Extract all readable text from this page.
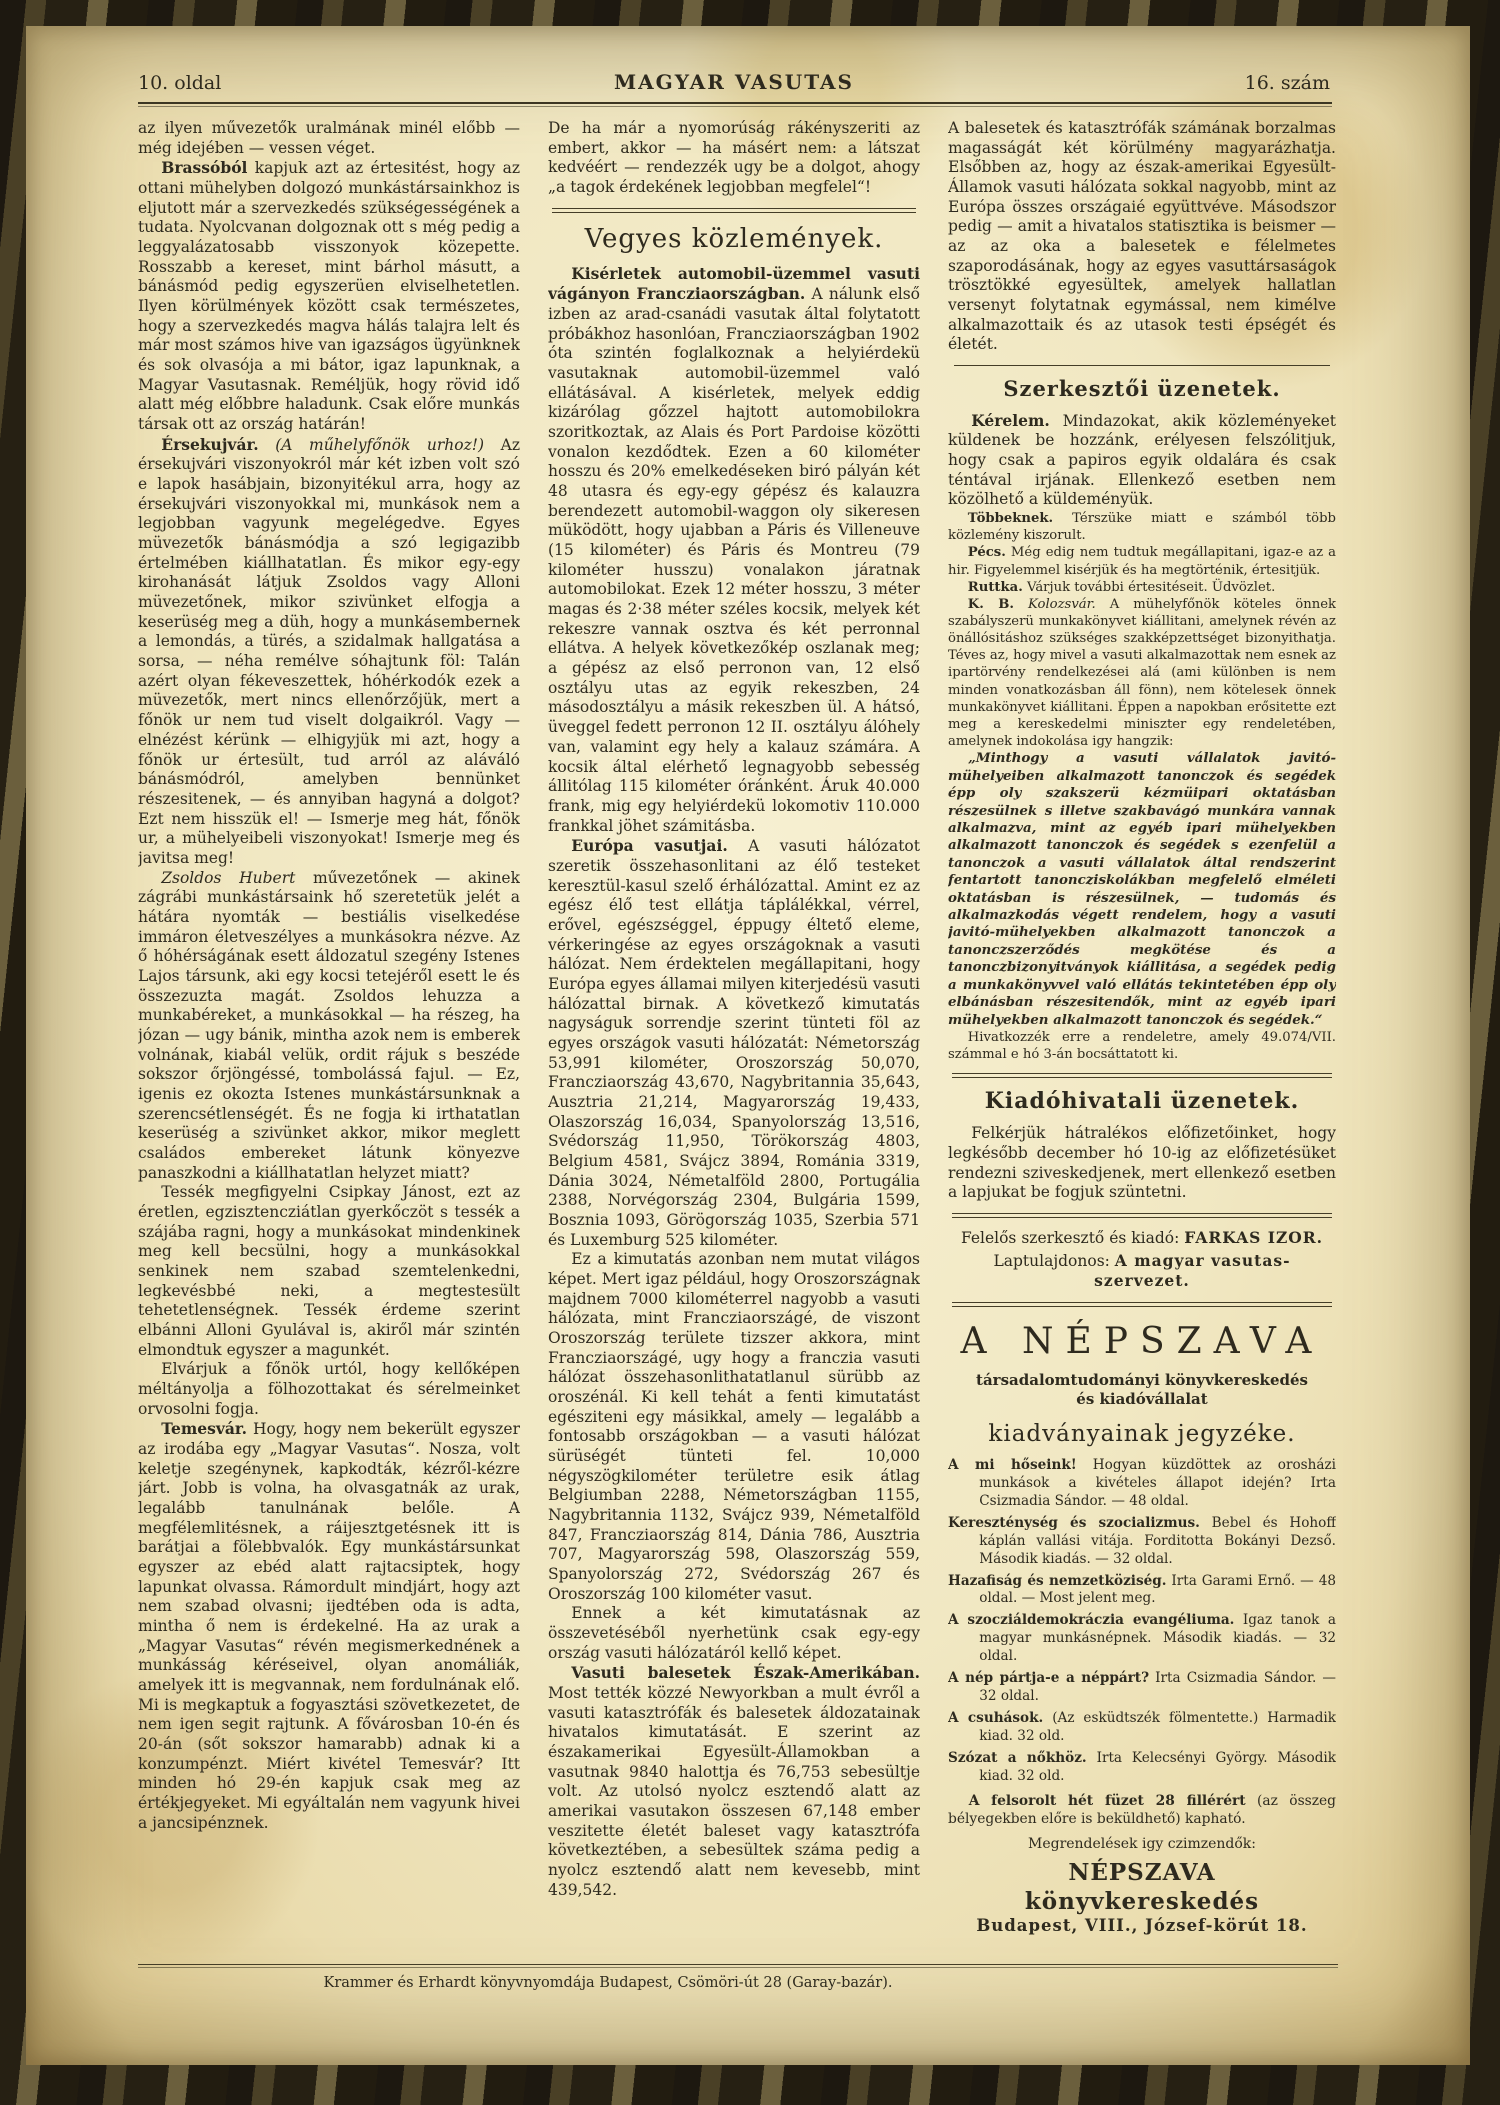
10. oldal	MAGYAR VASUTAS	16. szám

az ilyen művezetők uralmának minél előbb — még idejében — vessen véget.

Brassóból kapjuk azt az értesitést, hogy az ottani mühelyben dolgozó munkástársainkhoz is eljutott már a szervezkedés szükségességének a tudata. Nyolcvanan dolgoznak ott s még pedig a leggyalázatosabb visszonyok közepette. Rosszabb a kereset, mint bárhol másutt, a bánásmód pedig egyszerüen elviselhetetlen. Ilyen körülmények között csak természetes, hogy a szervezkedés magva hálás talajra lelt és már most számos hive van igazságos ügyünknek és sok olvasója a mi bátor, igaz lapunknak, a Magyar Vasutasnak. Reméljük, hogy rövid idő alatt még előbbre haladunk. Csak előre munkás társak ott az ország határán!

Érsekujvár. (A műhelyfőnök urhoz!) Az érsekujvári viszonyokról már két izben volt szó e lapok hasábjain, bizonyitékul arra, hogy az érsekujvári viszonyokkal mi, munkások nem a legjobban vagyunk megelégedve. Egyes müvezetők bánásmódja a szó legigazibb értelmében kiállhatatlan. És mikor egy-egy kirohanását látjuk Zsoldos vagy Alloni müvezetőnek, mikor szivünket elfogja a keserüség meg a düh, hogy a munkásembernek a lemondás, a türés, a szidalmak hallgatása a sorsa, — néha remélve sóhajtunk föl: Talán azért olyan fékeveszettek, hóhérkodók ezek a müvezetők, mert nincs ellenőrzőjük, mert a főnök ur nem tud viselt dolgaikról. Vagy — elnézést kérünk — elhigyjük mi azt, hogy a főnök ur értesült, tud arról az aláváló bánásmódról, amelyben bennünket részesitenek, — és annyiban hagyná a dolgot? Ezt nem hisszük el! — Ismerje meg hát, főnök ur, a mühelyeibeli viszonyokat! Ismerje meg és javitsa meg!

Zsoldos Hubert művezetőnek — akinek zágrábi munkástársaink hő szeretetük jelét a hátára nyomták — bestiális viselkedése immáron életveszélyes a munkásokra nézve. Az ő hóhérságának esett áldozatul szegény Istenes Lajos társunk, aki egy kocsi tetejéről esett le és összezuzta magát. Zsoldos lehuzza a munkabéreket, a munkásokkal — ha részeg, ha józan — ugy bánik, mintha azok nem is emberek volnának, kiabál velük, ordit rájuk s beszéde sokszor őrjöngéssé, tombolássá fajul. — Ez, igenis ez okozta Istenes munkástársunknak a szerencsétlenségét. És ne fogja ki irthatatlan keserüség a szivünket akkor, mikor meglett családos embereket látunk könyezve panaszkodni a kiállhatatlan helyzet miatt?

Tessék megfigyelni Csipkay Jánost, ezt az éretlen, egzisztencziátlan gyerkőczöt s tessék a szájába ragni, hogy a munkásokat mindenkinek meg kell becsülni, hogy a munkásokkal senkinek nem szabad szemtelenkedni, legkevésbbé neki, a megtestesült tehetetlenségnek. Tessék érdeme szerint elbánni Alloni Gyulával is, akiről már szintén elmondtuk egyszer a magunkét.

Elvárjuk a főnök urtól, hogy kellőképen méltányolja a fölhozottakat és sérelmeinket orvosolni fogja.

Temesvár. Hogy, hogy nem bekerült egyszer az irodába egy „Magyar Vasutas“. Nosza, volt keletje szegénynek, kapkodták, kézről-kézre járt. Jobb is volna, ha olvasgatnák az urak, legalább tanulnának belőle. A megfélemlitésnek, a ráijesztgetésnek itt is barátjai a fölebbvalók. Egy munkástársunkat egyszer az ebéd alatt rajtacsiptek, hogy lapunkat olvassa. Rámordult mindjárt, hogy azt nem szabad olvasni; ijedtében oda is adta, mintha ő nem is érdekelné. Ha az urak a „Magyar Vasutas“ révén megismerkednének a munkásság kéréseivel, olyan anomáliák, amelyek itt is megvannak, nem fordulnának elő. Mi is megkaptuk a fogyasztási szövetkezetet, de nem igen segit rajtunk. A fővárosban 10-én és 20-án (sőt sokszor hamarabb) adnak ki a konzumpénzt. Miért kivétel Temesvár? Itt minden hó 29-én kapjuk csak meg az értékjegyeket. Mi egyáltalán nem vagyunk hivei a jancsipénznek.

De ha már a nyomorúság rákényszeriti az embert, akkor — ha másért nem: a látszat kedvéért — rendezzék ugy be a dolgot, ahogy „a tagok érdekének legjobban megfelel“!

Vegyes közlemények.

Kisérletek automobil-üzemmel vasuti vágányon Francziaországban. A nálunk első izben az arad-csanádi vasutak által folytatott próbákhoz hasonlóan, Francziaországban 1902 óta szintén foglalkoznak a helyiérdekü vasutaknak automobil-üzemmel való ellátásával. A kisérletek, melyek eddig kizárólag gőzzel hajtott automobilokra szoritkoztak, az Alais és Port Pardoise közötti vonalon kezdődtek. Ezen a 60 kilométer hosszu és 20% emelkedéseken biró pályán két 48 utasra és egy-egy gépész és kalauzra berendezett automobil-waggon oly sikeresen müködött, hogy ujabban a Páris és Villeneuve (15 kilométer) és Páris és Montreu (79 kilométer husszu) vonalakon járatnak automobilokat. Ezek 12 méter hosszu, 3 méter magas és 2·38 méter széles kocsik, melyek két rekeszre vannak osztva és két perronnal ellátva. A helyek következőkép oszlanak meg; a gépész az első perronon van, 12 első osztályu utas az egyik rekeszben, 24 másodosztályu a másik rekeszben ül. A hátsó, üveggel fedett perronon 12 II. osztályu álóhely van, valamint egy hely a kalauz számára. A kocsik által elérhető legnagyobb sebesség állitólag 115 kilométer óránként. Áruk 40.000 frank, mig egy helyiérdekü lokomotiv 110.000 frankkal jöhet számitásba.

Európa vasutjai. A vasuti hálózatot szeretik összehasonlitani az élő testeket keresztül-kasul szelő érhálózattal. Amint ez az egész élő test ellátja táplálékkal, vérrel, erővel, egészséggel, éppugy éltető eleme, vérkeringése az egyes országoknak a vasuti hálózat. Nem érdektelen megállapitani, hogy Európa egyes államai milyen kiterjedésü vasuti hálózattal birnak. A következő kimutatás nagyságuk sorrendje szerint tünteti föl az egyes országok vasuti hálózatát: Németország 53,991 kilométer, Oroszország 50,070, Francziaország 43,670, Nagybritannia 35,643, Ausztria 21,214, Magyarország 19,433, Olaszország 16,034, Spanyolország 13,516, Svédország 11,950, Törökország 4803, Belgium 4581, Svájcz 3894, Románia 3319, Dánia 3024, Németalföld 2800, Portugália 2388, Norvégország 2304, Bulgária 1599, Bosznia 1093, Görögország 1035, Szerbia 571 és Luxemburg 525 kilométer.

Ez a kimutatás azonban nem mutat világos képet. Mert igaz például, hogy Oroszországnak majdnem 7000 kilométerrel nagyobb a vasuti hálózata, mint Francziaországé, de viszont Oroszország területe tizszer akkora, mint Francziaországé, ugy hogy a franczia vasuti hálózat összehasonlithatatlanul sürübb az oroszénál. Ki kell tehát a fenti kimutatást egésziteni egy másikkal, amely — legalább a fontosabb országokban — a vasuti hálózat sürüségét tünteti fel. 10,000 négyszögkilométer területre esik átlag Belgiumban 2288, Németországban 1155, Nagybritannia 1132, Svájcz 939, Németalföld 847, Francziaország 814, Dánia 786, Ausztria 707, Magyarország 598, Olaszország 559, Spanyolország 272, Svédország 267 és Oroszország 100 kilométer vasut.

Ennek a két kimutatásnak az összevetéséből nyerhetünk csak egy-egy ország vasuti hálózatáról kellő képet.

Vasuti balesetek Észak-Amerikában. Most tették közzé Newyorkban a mult évről a vasuti katasztrófák és balesetek áldozatainak hivatalos kimutatását. E szerint az északamerikai Egyesült-Államokban a vasutnak 9840 halottja és 76,753 sebesültje volt. Az utolsó nyolcz esztendő alatt az amerikai vasutakon összesen 67,148 ember veszitette életét baleset vagy katasztrófa következtében, a sebesültek száma pedig a nyolcz esztendő alatt nem kevesebb, mint 439,542.

A balesetek és katasztrófák számának borzalmas magasságát két körülmény magyarázhatja. Elsőbben az, hogy az észak-amerikai Egyesült-Államok vasuti hálózata sokkal nagyobb, mint az Európa összes országaié együttvéve. Másodszor pedig — amit a hivatalos statisztika is beismer — az az oka a balesetek e félelmetes szaporodásának, hogy az egyes vasuttársaságok trösztökké egyesültek, amelyek hallatlan versenyt folytatnak egymással, nem kimélve alkalmazottaik és az utasok testi épségét és életét.

Szerkesztői üzenetek.

Kérelem. Mindazokat, akik közleményeket küldenek be hozzánk, erélyesen felszólitjuk, hogy csak a papiros egyik oldalára és csak téntával irjának. Ellenkező esetben nem közölhető a küldeményük.

Többeknek. Térszüke miatt e számból több közlemény kiszorult.

Pécs. Még edig nem tudtuk megállapitani, igaz-e az a hir. Figyelemmel kisérjük és ha megtörténik, értesitjük.

Ruttka. Várjuk további értesitéseit. Üdvözlet.

K. B. Kolozsvár. A mühelyfőnök köteles önnek szabályszerü munkakönyvet kiállitani, amelynek révén az önállósitáshoz szükséges szakképzettséget bizonyithatja. Téves az, hogy mivel a vasuti alkalmazottak nem esnek az ipartörvény rendelkezései alá (ami különben is nem minden vonatkozásban áll fönn), nem kötelesek önnek munkakönyvet kiállitani. Éppen a napokban erősitette ezt meg a kereskedelmi miniszter egy rendeletében, amelynek indokolása igy hangzik:

„Minthogy a vasuti vállalatok javitó-mühelyeiben alkalmazott tanonczok és segédek épp oly szakszerü kézmüipari oktatásban részesülnek s illetve szakbavágó munkára vannak alkalmazva, mint az egyéb ipari mühelyekben alkalmazott tanonczok és segédek s ezenfelül a tanonczok a vasuti vállalatok által rendszerint fentartott tanoncziskolákban megfelelő elméleti oktatásban is részesülnek, — tudomás és alkalmazkodás végett rendelem, hogy a vasuti javitó-mühelyekben alkalmazott tanonczok a tanonczszerződés megkötése és a tanonczbizonyitványok kiállitása, a segédek pedig a munkakönyvvel való ellátás tekintetében épp oly elbánásban részesitendők, mint az egyéb ipari mühelyekben alkalmazott tanonczok és segédek.“

Hivatkozzék erre a rendeletre, amely 49.074/VII. számmal e hó 3-án bocsáttatott ki.

Kiadóhivatali üzenetek.

Felkérjük hátralékos előfizetőinket, hogy legkésőbb december hó 10-ig az előfizetésüket rendezni sziveskedjenek, mert ellenkező esetben a lapjukat be fogjuk szüntetni.

Felelős szerkesztő és kiadó: FARKAS IZOR.

Laptulajdonos: A magyar vasutas-szervezet.

A NÉPSZAVA

társadalomtudományi könyvkereskedés és kiadóvállalat

kiadványainak jegyzéke.

A mi hőseink! Hogyan küzdöttek az orosházi munkások a kivételes állapot idején? Irta Csizmadia Sándor. — 48 oldal.

Kereszténység és szocializmus. Bebel és Hohoff káplán vallási vitája. Forditotta Bokányi Dezső. Második kiadás. — 32 oldal.

Hazafiság és nemzetköziség. Irta Garami Ernő. — 48 oldal. — Most jelent meg.

A szocziáldemokráczia evangéliuma. Igaz tanok a magyar munkásnépnek. Második kiadás. — 32 oldal.

A nép pártja-e a néppárt? Irta Csizmadia Sándor. — 32 oldal.

A csuhások. (Az esküdtszék fölmentette.) Harmadik kiad. 32 old.

Szózat a nőkhöz. Irta Kelecsényi György. Második kiad. 32 old.

A felsorolt hét füzet 28 fillérért (az összeg bélyegekben előre is beküldhető) kapható.

Megrendelések igy czimzendők:

NÉPSZAVA könyvkereskedés

Budapest, VIII., József-körút 18.

Krammer és Erhardt könyvnyomdája Budapest, Csömöri-út 28 (Garay-bazár).
